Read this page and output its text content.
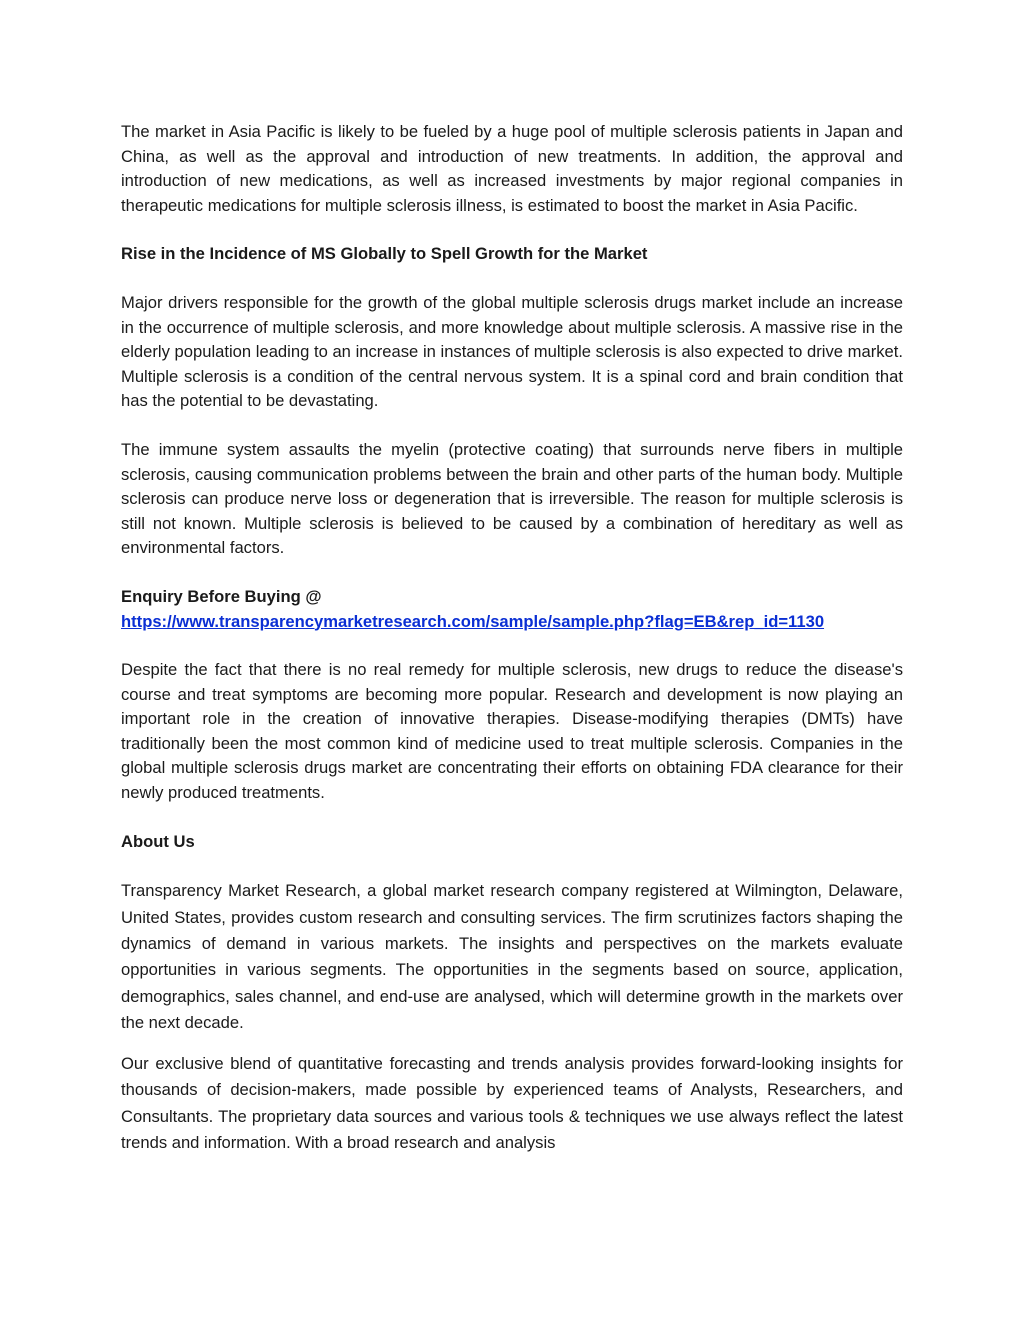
The market in Asia Pacific is likely to be fueled by a huge pool of multiple sclerosis patients in Japan and China, as well as the approval and introduction of new treatments. In addition, the approval and introduction of new medications, as well as increased investments by major regional companies in therapeutic medications for multiple sclerosis illness, is estimated to boost the market in Asia Pacific.

Rise in the Incidence of MS Globally to Spell Growth for the Market

Major drivers responsible for the growth of the global multiple sclerosis drugs market include an increase in the occurrence of multiple sclerosis, and more knowledge about multiple sclerosis. A massive rise in the elderly population leading to an increase in instances of multiple sclerosis is also expected to drive market. Multiple sclerosis is a condition of the central nervous system. It is a spinal cord and brain condition that has the potential to be devastating.

The immune system assaults the myelin (protective coating) that surrounds nerve fibers in multiple sclerosis, causing communication problems between the brain and other parts of the human body. Multiple sclerosis can produce nerve loss or degeneration that is irreversible. The reason for multiple sclerosis is still not known. Multiple sclerosis is believed to be caused by a combination of hereditary as well as environmental factors.

Enquiry Before Buying @
https://www.transparencymarketresearch.com/sample/sample.php?flag=EB&rep_id=1130

Despite the fact that there is no real remedy for multiple sclerosis, new drugs to reduce the disease's course and treat symptoms are becoming more popular. Research and development is now playing an important role in the creation of innovative therapies. Disease-modifying therapies (DMTs) have traditionally been the most common kind of medicine used to treat multiple sclerosis. Companies in the global multiple sclerosis drugs market are concentrating their efforts on obtaining FDA clearance for their newly produced treatments.

About Us

Transparency Market Research, a global market research company registered at Wilmington, Delaware, United States, provides custom research and consulting services. The firm scrutinizes factors shaping the dynamics of demand in various markets. The insights and perspectives on the markets evaluate opportunities in various segments. The opportunities in the segments based on source, application, demographics, sales channel, and end-use are analysed, which will determine growth in the markets over the next decade.

Our exclusive blend of quantitative forecasting and trends analysis provides forward-looking insights for thousands of decision-makers, made possible by experienced teams of Analysts, Researchers, and Consultants. The proprietary data sources and various tools & techniques we use always reflect the latest trends and information. With a broad research and analysis
